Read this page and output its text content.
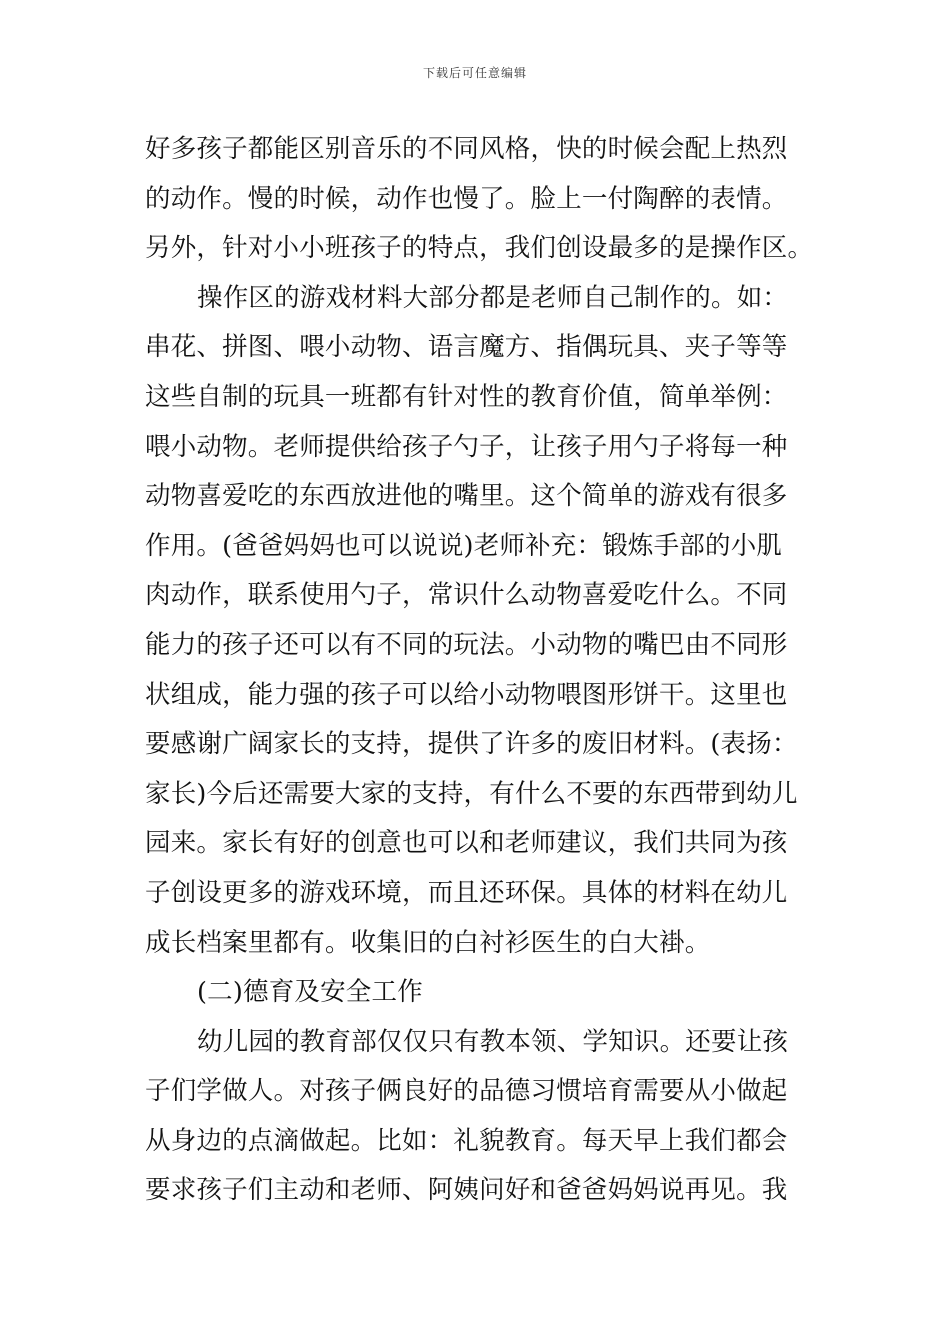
下载后可任意编辑
好多孩子都能区别音乐的不同风格，快的时候会配上热烈
的动作。慢的时候，动作也慢了。脸上一付陶醉的表情。
另外，针对小小班孩子的特点，我们创设最多的是操作区。
操作区的游戏材料大部分都是老师自己制作的。如：
串花、拼图、喂小动物、语言魔方、指偶玩具、夹子等等
这些自制的玩具一班都有针对性的教育价值，简单举例：
喂小动物。老师提供给孩子勺子，让孩子用勺子将每一种
动物喜爱吃的东西放进他的嘴里。这个简单的游戏有很多
作用。(爸爸妈妈也可以说说)老师补充：锻炼手部的小肌
肉动作，联系使用勺子，常识什么动物喜爱吃什么。不同
能力的孩子还可以有不同的玩法。小动物的嘴巴由不同形
状组成，能力强的孩子可以给小动物喂图形饼干。这里也
要感谢广阔家长的支持，提供了许多的废旧材料。(表扬：
家长)今后还需要大家的支持，有什么不要的东西带到幼儿
园来。家长有好的创意也可以和老师建议，我们共同为孩
子创设更多的游戏环境，而且还环保。具体的材料在幼儿
成长档案里都有。收集旧的白衬衫医生的白大褂。
(二)德育及安全工作
幼儿园的教育部仅仅只有教本领、学知识。还要让孩
子们学做人。对孩子俩良好的品德习惯培育需要从小做起
从身边的点滴做起。比如：礼貌教育。每天早上我们都会
要求孩子们主动和老师、阿姨问好和爸爸妈妈说再见。我
